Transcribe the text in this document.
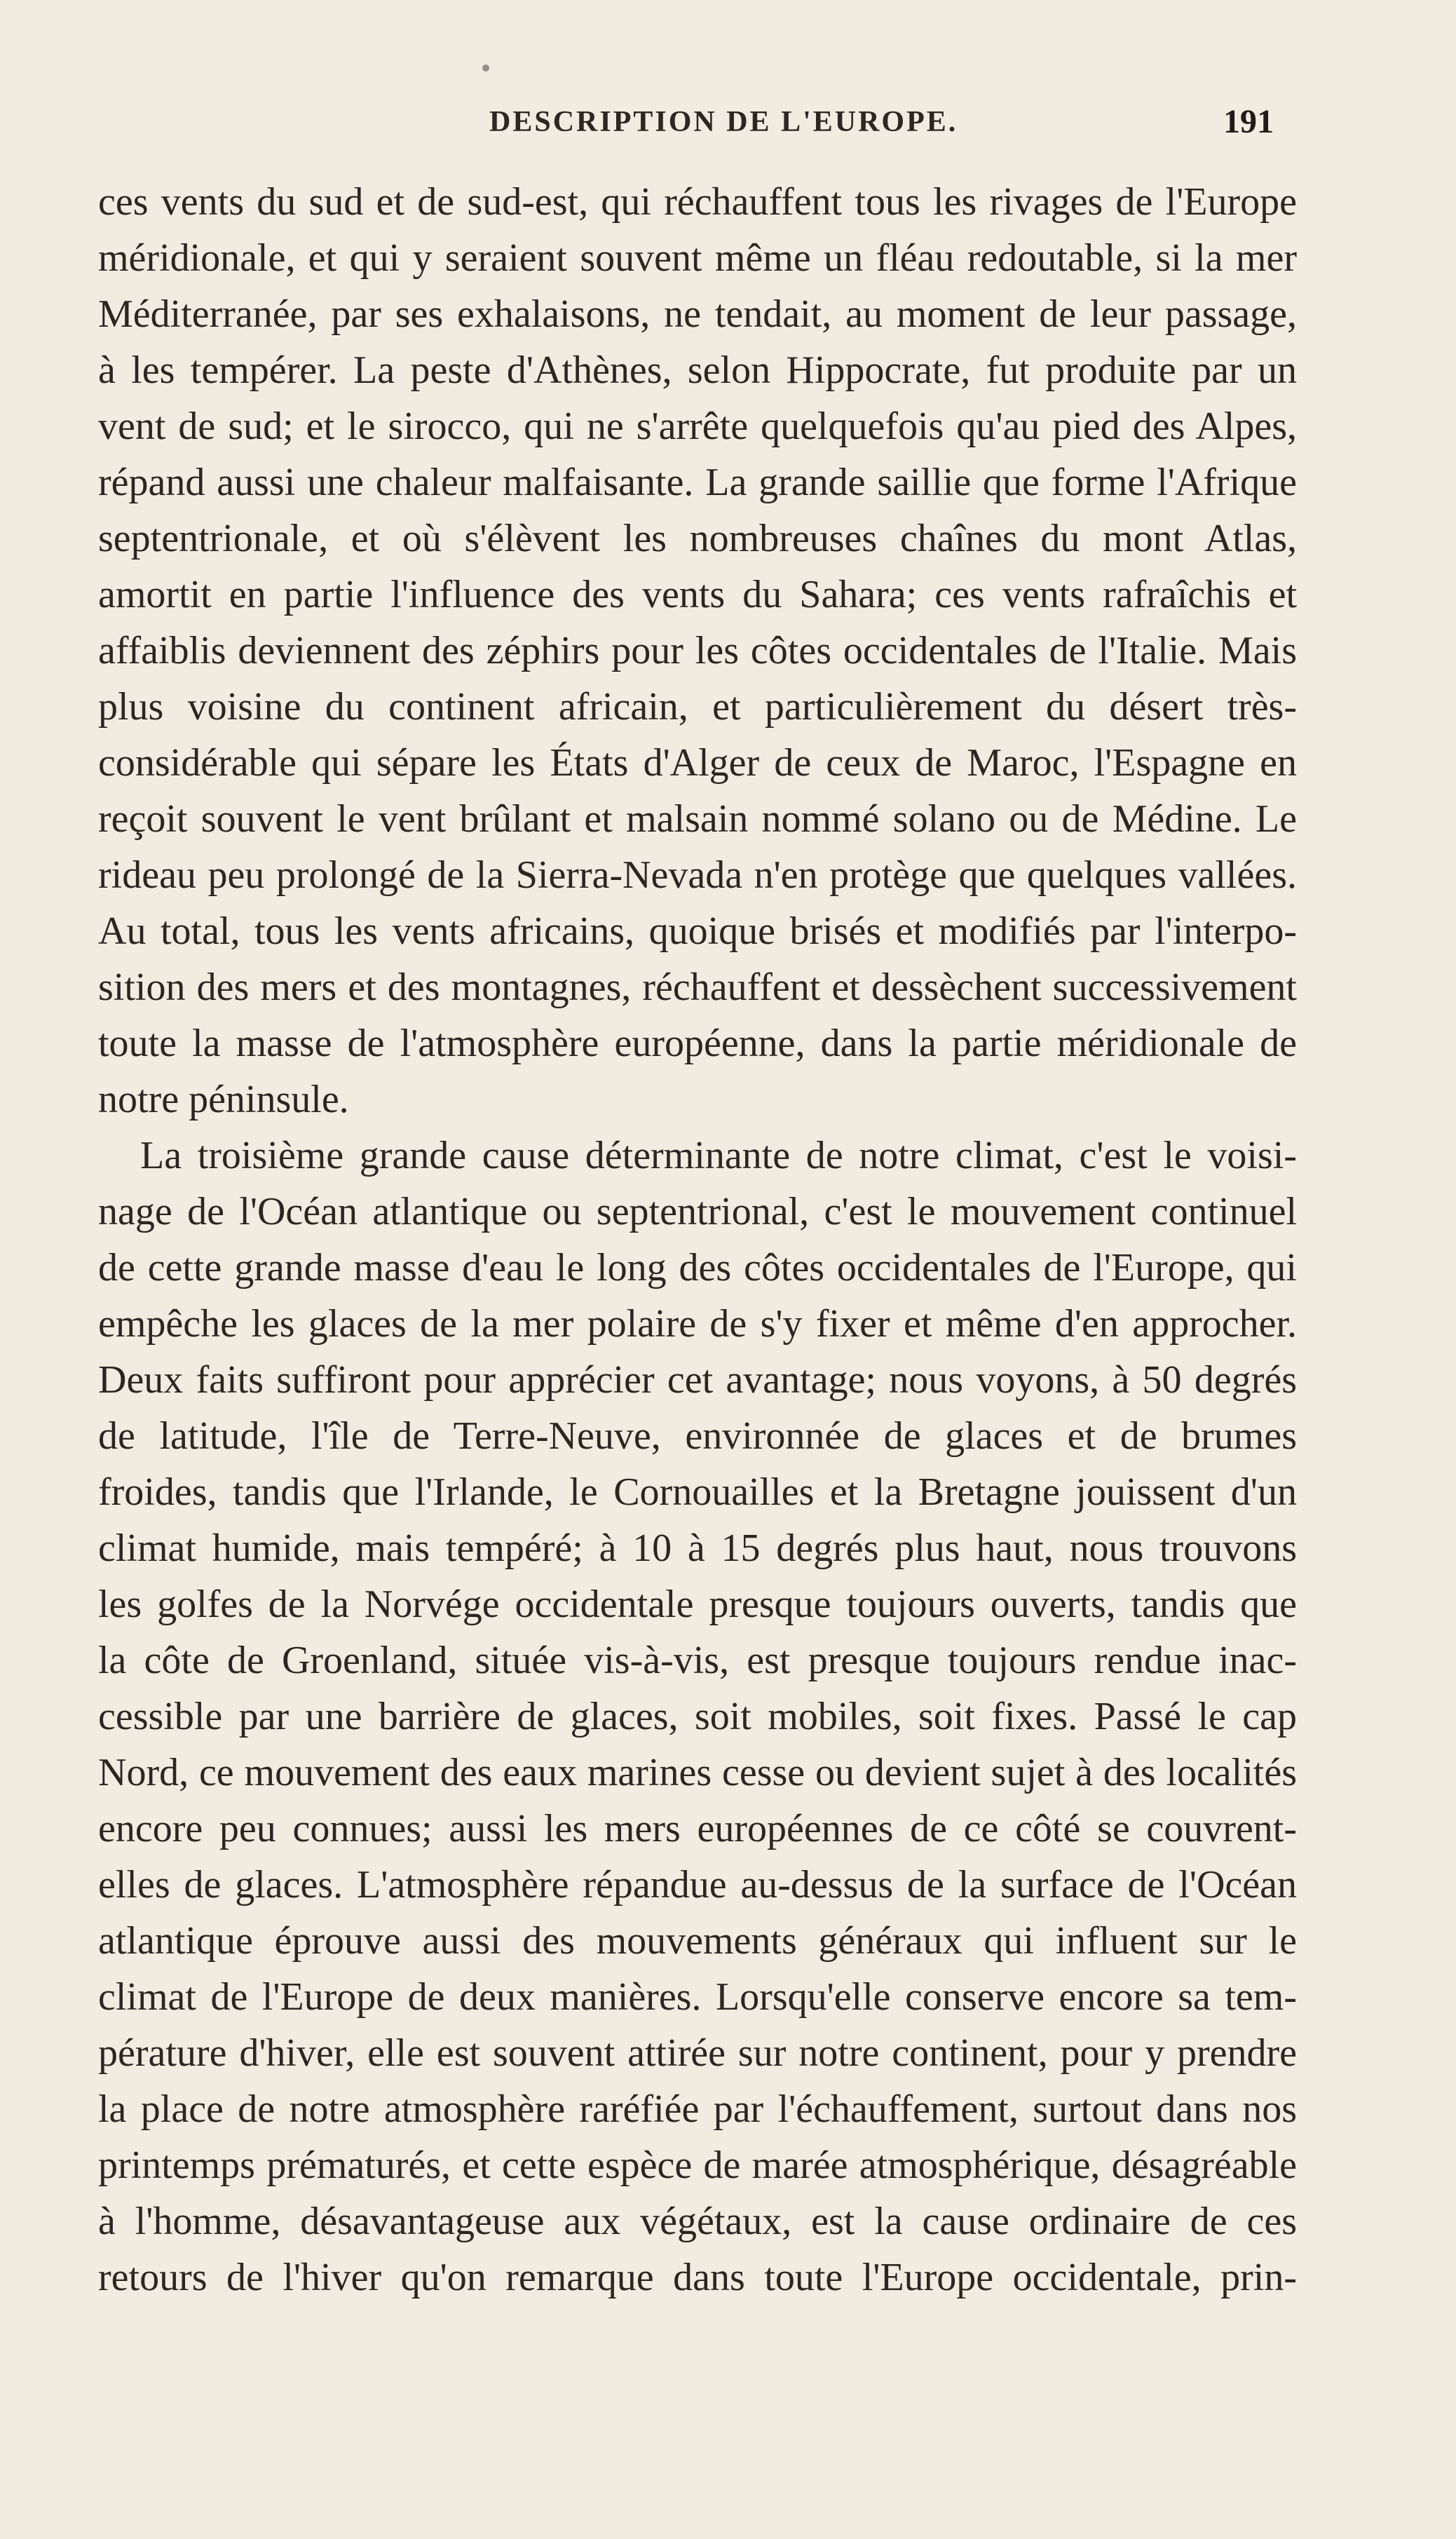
DESCRIPTION DE L'EUROPE.	191
ces vents du sud et de sud-est, qui réchauffent tous les rivages de l'Europe
méridionale, et qui y seraient souvent même un fléau redoutable, si la mer
Méditerranée, par ses exhalaisons, ne tendait, au moment de leur passage,
à les tempérer. La peste d'Athènes, selon Hippocrate, fut produite par un
vent de sud; et le sirocco, qui ne s'arrête quelquefois qu'au pied des Alpes,
répand aussi une chaleur malfaisante. La grande saillie que forme l'Afrique
septentrionale, et où s'élèvent les nombreuses chaînes du mont Atlas,
amortit en partie l'influence des vents du Sahara; ces vents rafraîchis et
affaiblis deviennent des zéphirs pour les côtes occidentales de l'Italie. Mais
plus voisine du continent africain, et particulièrement du désert très-
considérable qui sépare les États d'Alger de ceux de Maroc, l'Espagne en
reçoit souvent le vent brûlant et malsain nommé solano ou de Médine. Le
rideau peu prolongé de la Sierra-Nevada n'en protège que quelques vallées.
Au total, tous les vents africains, quoique brisés et modifiés par l'interpo-
sition des mers et des montagnes, réchauffent et dessèchent successivement
toute la masse de l'atmosphère européenne, dans la partie méridionale de
notre péninsule.
La troisième grande cause déterminante de notre climat, c'est le voisi-
nage de l'Océan atlantique ou septentrional, c'est le mouvement continuel
de cette grande masse d'eau le long des côtes occidentales de l'Europe, qui
empêche les glaces de la mer polaire de s'y fixer et même d'en approcher.
Deux faits suffiront pour apprécier cet avantage; nous voyons, à 50 degrés
de latitude, l'île de Terre-Neuve, environnée de glaces et de brumes
froides, tandis que l'Irlande, le Cornouailles et la Bretagne jouissent d'un
climat humide, mais tempéré; à 10 à 15 degrés plus haut, nous trouvons
les golfes de la Norvége occidentale presque toujours ouverts, tandis que
la côte de Groenland, située vis-à-vis, est presque toujours rendue inac-
cessible par une barrière de glaces, soit mobiles, soit fixes. Passé le cap
Nord, ce mouvement des eaux marines cesse ou devient sujet à des localités
encore peu connues; aussi les mers européennes de ce côté se couvrent-
elles de glaces. L'atmosphère répandue au-dessus de la surface de l'Océan
atlantique éprouve aussi des mouvements généraux qui influent sur le
climat de l'Europe de deux manières. Lorsqu'elle conserve encore sa tem-
pérature d'hiver, elle est souvent attirée sur notre continent, pour y prendre
la place de notre atmosphère raréfiée par l'échauffement, surtout dans nos
printemps prématurés, et cette espèce de marée atmosphérique, désagréable
à l'homme, désavantageuse aux végétaux, est la cause ordinaire de ces
retours de l'hiver qu'on remarque dans toute l'Europe occidentale, prin-
